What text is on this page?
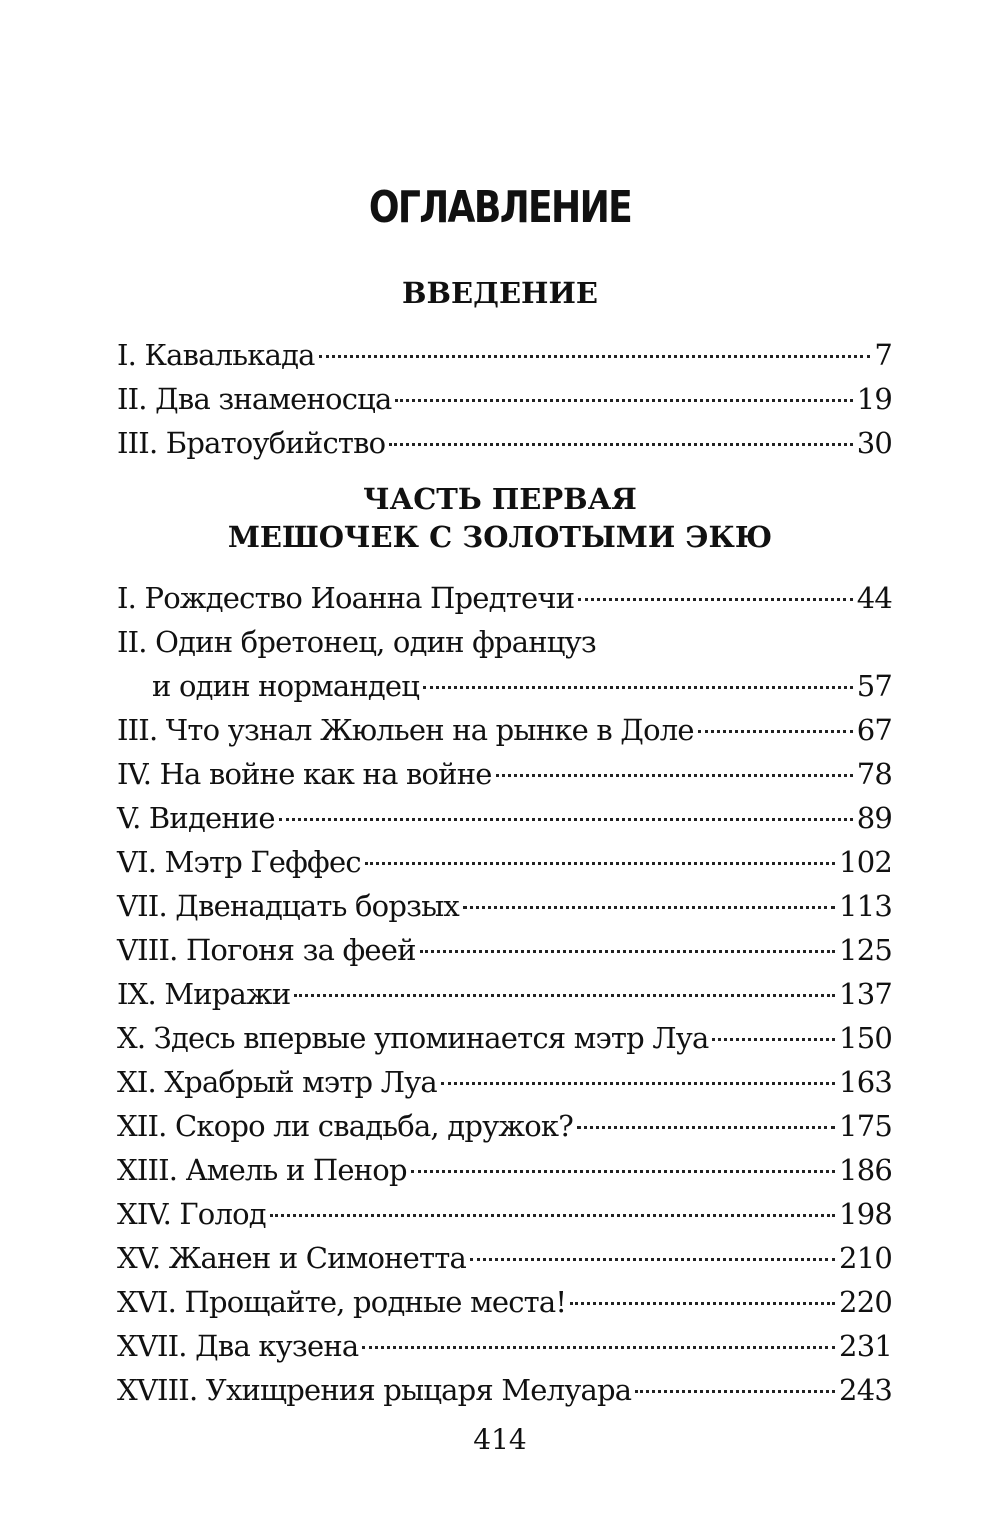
ОГЛАВЛЕНИЕ
ВВЕДЕНИЕ
I. Кавалькада	7
II. Два знаменосца	19
III. Братоубийство	30
ЧАСТЬ ПЕРВАЯ
МЕШОЧЕК С ЗОЛОТЫМИ ЭКЮ
I. Рождество Иоанна Предтечи	44
II. Один бретонец, один француз
и один нормандец	57
III. Что узнал Жюльен на рынке в Доле	67
IV. На войне как на войне	78
V. Видение	89
VI. Мэтр Геффес	102
VII. Двенадцать борзых	113
VIII. Погоня за феей	125
IX. Миражи	137
X. Здесь впервые упоминается мэтр Луа	150
XI. Храбрый мэтр Луа	163
XII. Скоро ли свадьба, дружок?	175
XIII. Амель и Пенор	186
XIV. Голод	198
XV. Жанен и Симонетта	210
XVI. Прощайте, родные места!	220
XVII. Два кузена	231
XVIII. Ухищрения рыцаря Мелуара	243
414
